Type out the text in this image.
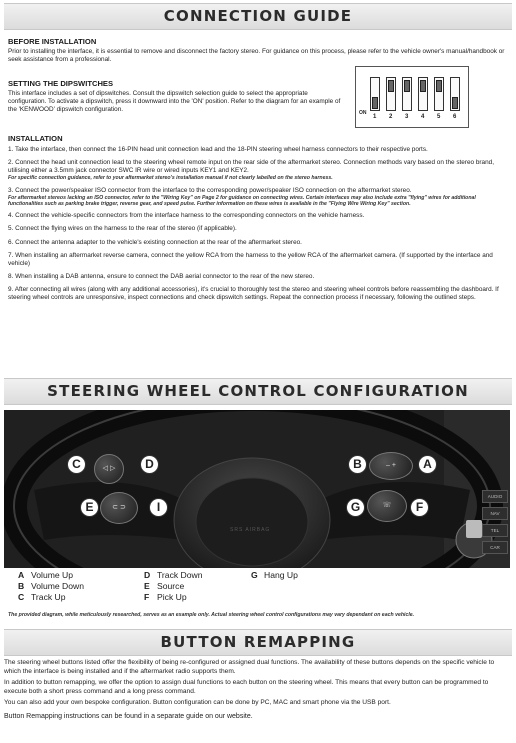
CONNECTION GUIDE
BEFORE INSTALLATION

Prior to installing the interface, it is essential to remove and disconnect the factory stereo. For guidance on this process, please refer to the vehicle owner's manual/handbook or seek assistance from a professional.

SETTING THE DIPSWITCHES

This interface includes a set of dipswitches. Consult the dipswitch selection guide to select the appropriate configuration. To activate a dipswitch, press it downward into the 'ON' position. Refer to the diagram for an example of the 'KENWOOD' dipswitch configuration.	ON
1 2 3 4 5 6
INSTALLATION

1. Take the interface, then connect the 16-PIN head unit connection lead and the 18-PIN steering wheel harness connectors to their respective ports.

2. Connect the head unit connection lead to the steering wheel remote input on the rear side of the aftermarket stereo. Connection methods vary based on the stereo brand, utilising either a 3.5mm jack connector SWC IR wire or wired inputs KEY1 and KEY2.

For specific connection guidance, refer to your aftermarket stereo's installation manual if not clearly labelled on the stereo harness.

3. Connect the power/speaker ISO connector from the interface to the corresponding power/speaker ISO connection on the aftermarket stereo.

For aftermarket stereos lacking an ISO connector, refer to the "Wiring Key" on Page 2 for guidance on connecting wires. Certain interfaces may also include extra "flying" wires for additional functionalities such as parking brake trigger, reverse gear, and speed pulse. Further information on these wires is available in the "Flying Wire Wiring Key" section.

4. Connect the vehicle-specific connectors from the interface harness to the corresponding connectors on the vehicle harness.

5. Connect the flying wires on the harness to the rear of the stereo (if applicable).

6. Connect the antenna adapter to the vehicle's existing connection at the rear of the aftermarket stereo.

7. When installing an aftermarket reverse camera, connect the yellow RCA from the harness to the yellow RCA of the aftermarket camera. (If supported by the interface and vehicle)

8. When installing a DAB antenna, ensure to connect the DAB aerial connector to the rear of the new stereo.

9. After connecting all wires (along with any additional accessories), it's crucial to thoroughly test the stereo and steering wheel controls before reassembling the dashboard. If steering wheel controls are unresponsive, inspect connections and check dipswitch settings. Repeat the connection process if necessary, following the outlined steps.

STEERING WHEEL CONTROL CONFIGURATION
SRS AIRBAG
◁ ▷
⊂ ⊃
– +
☏
C	D
E	I
B	A
G	F
AUDIO
NAV
TEL
CAR
A Volume Up
B Volume Down
C Track Up
D Track Down
E Source
F Pick Up
G Hang Up
The provided diagram, while meticulously researched, serves as an example only. Actual steering wheel control configurations may vary dependant on each vehicle.
BUTTON REMAPPING

The steering wheel buttons listed offer the flexibility of being re-configured or assigned dual functions. The availability of these buttons depends on the specific vehicle to which the interface is being installed and if the aftermarket radio supports them.

In addition to button remapping, we offer the option to assign dual functions to each button on the steering wheel. This means that every button can be programmed to execute both a short press command and a long press command.

You can also add your own bespoke configuration. Button configuration can be done by PC, MAC and smart phone via the USB port.

Button Remapping instructions can be found in a separate guide on our website.
